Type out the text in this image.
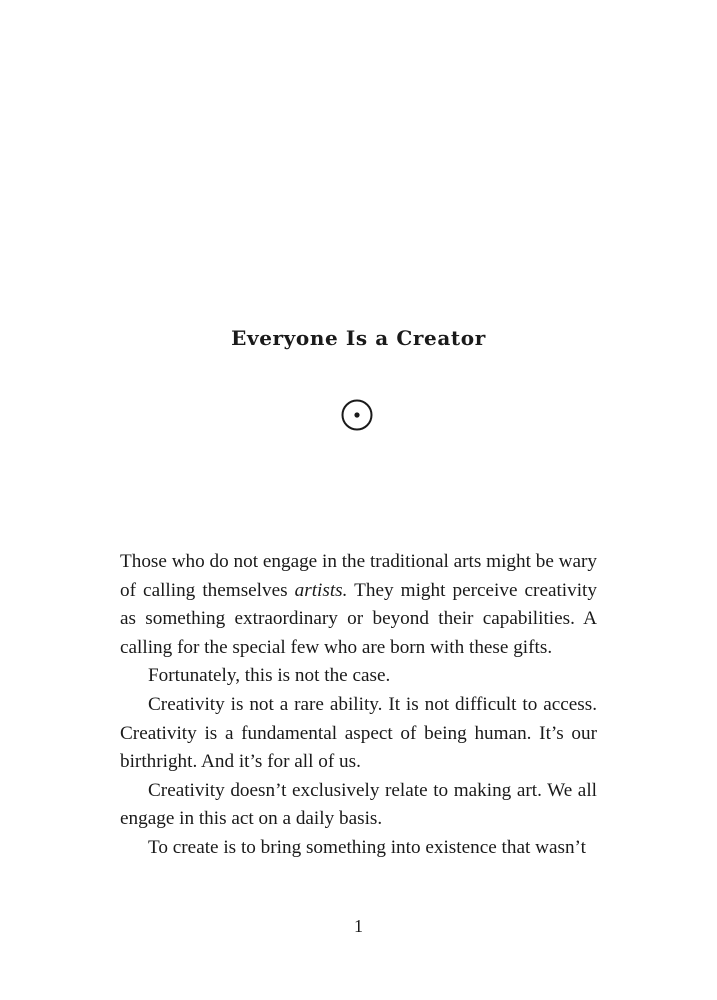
Everyone Is a Creator

Those who do not engage in the traditional arts might be wary of calling themselves artists. They might perceive creativity as something extraordinary or beyond their capabilities. A calling for the special few who are born with these gifts.

Fortunately, this is not the case.

Creativity is not a rare ability. It is not difficult to access. Creativity is a fundamental aspect of being human. It’s our birthright. And it’s for all of us.

Creativity doesn’t exclusively relate to making art. We all engage in this act on a daily basis.

To create is to bring something into existence that wasn’t

1
